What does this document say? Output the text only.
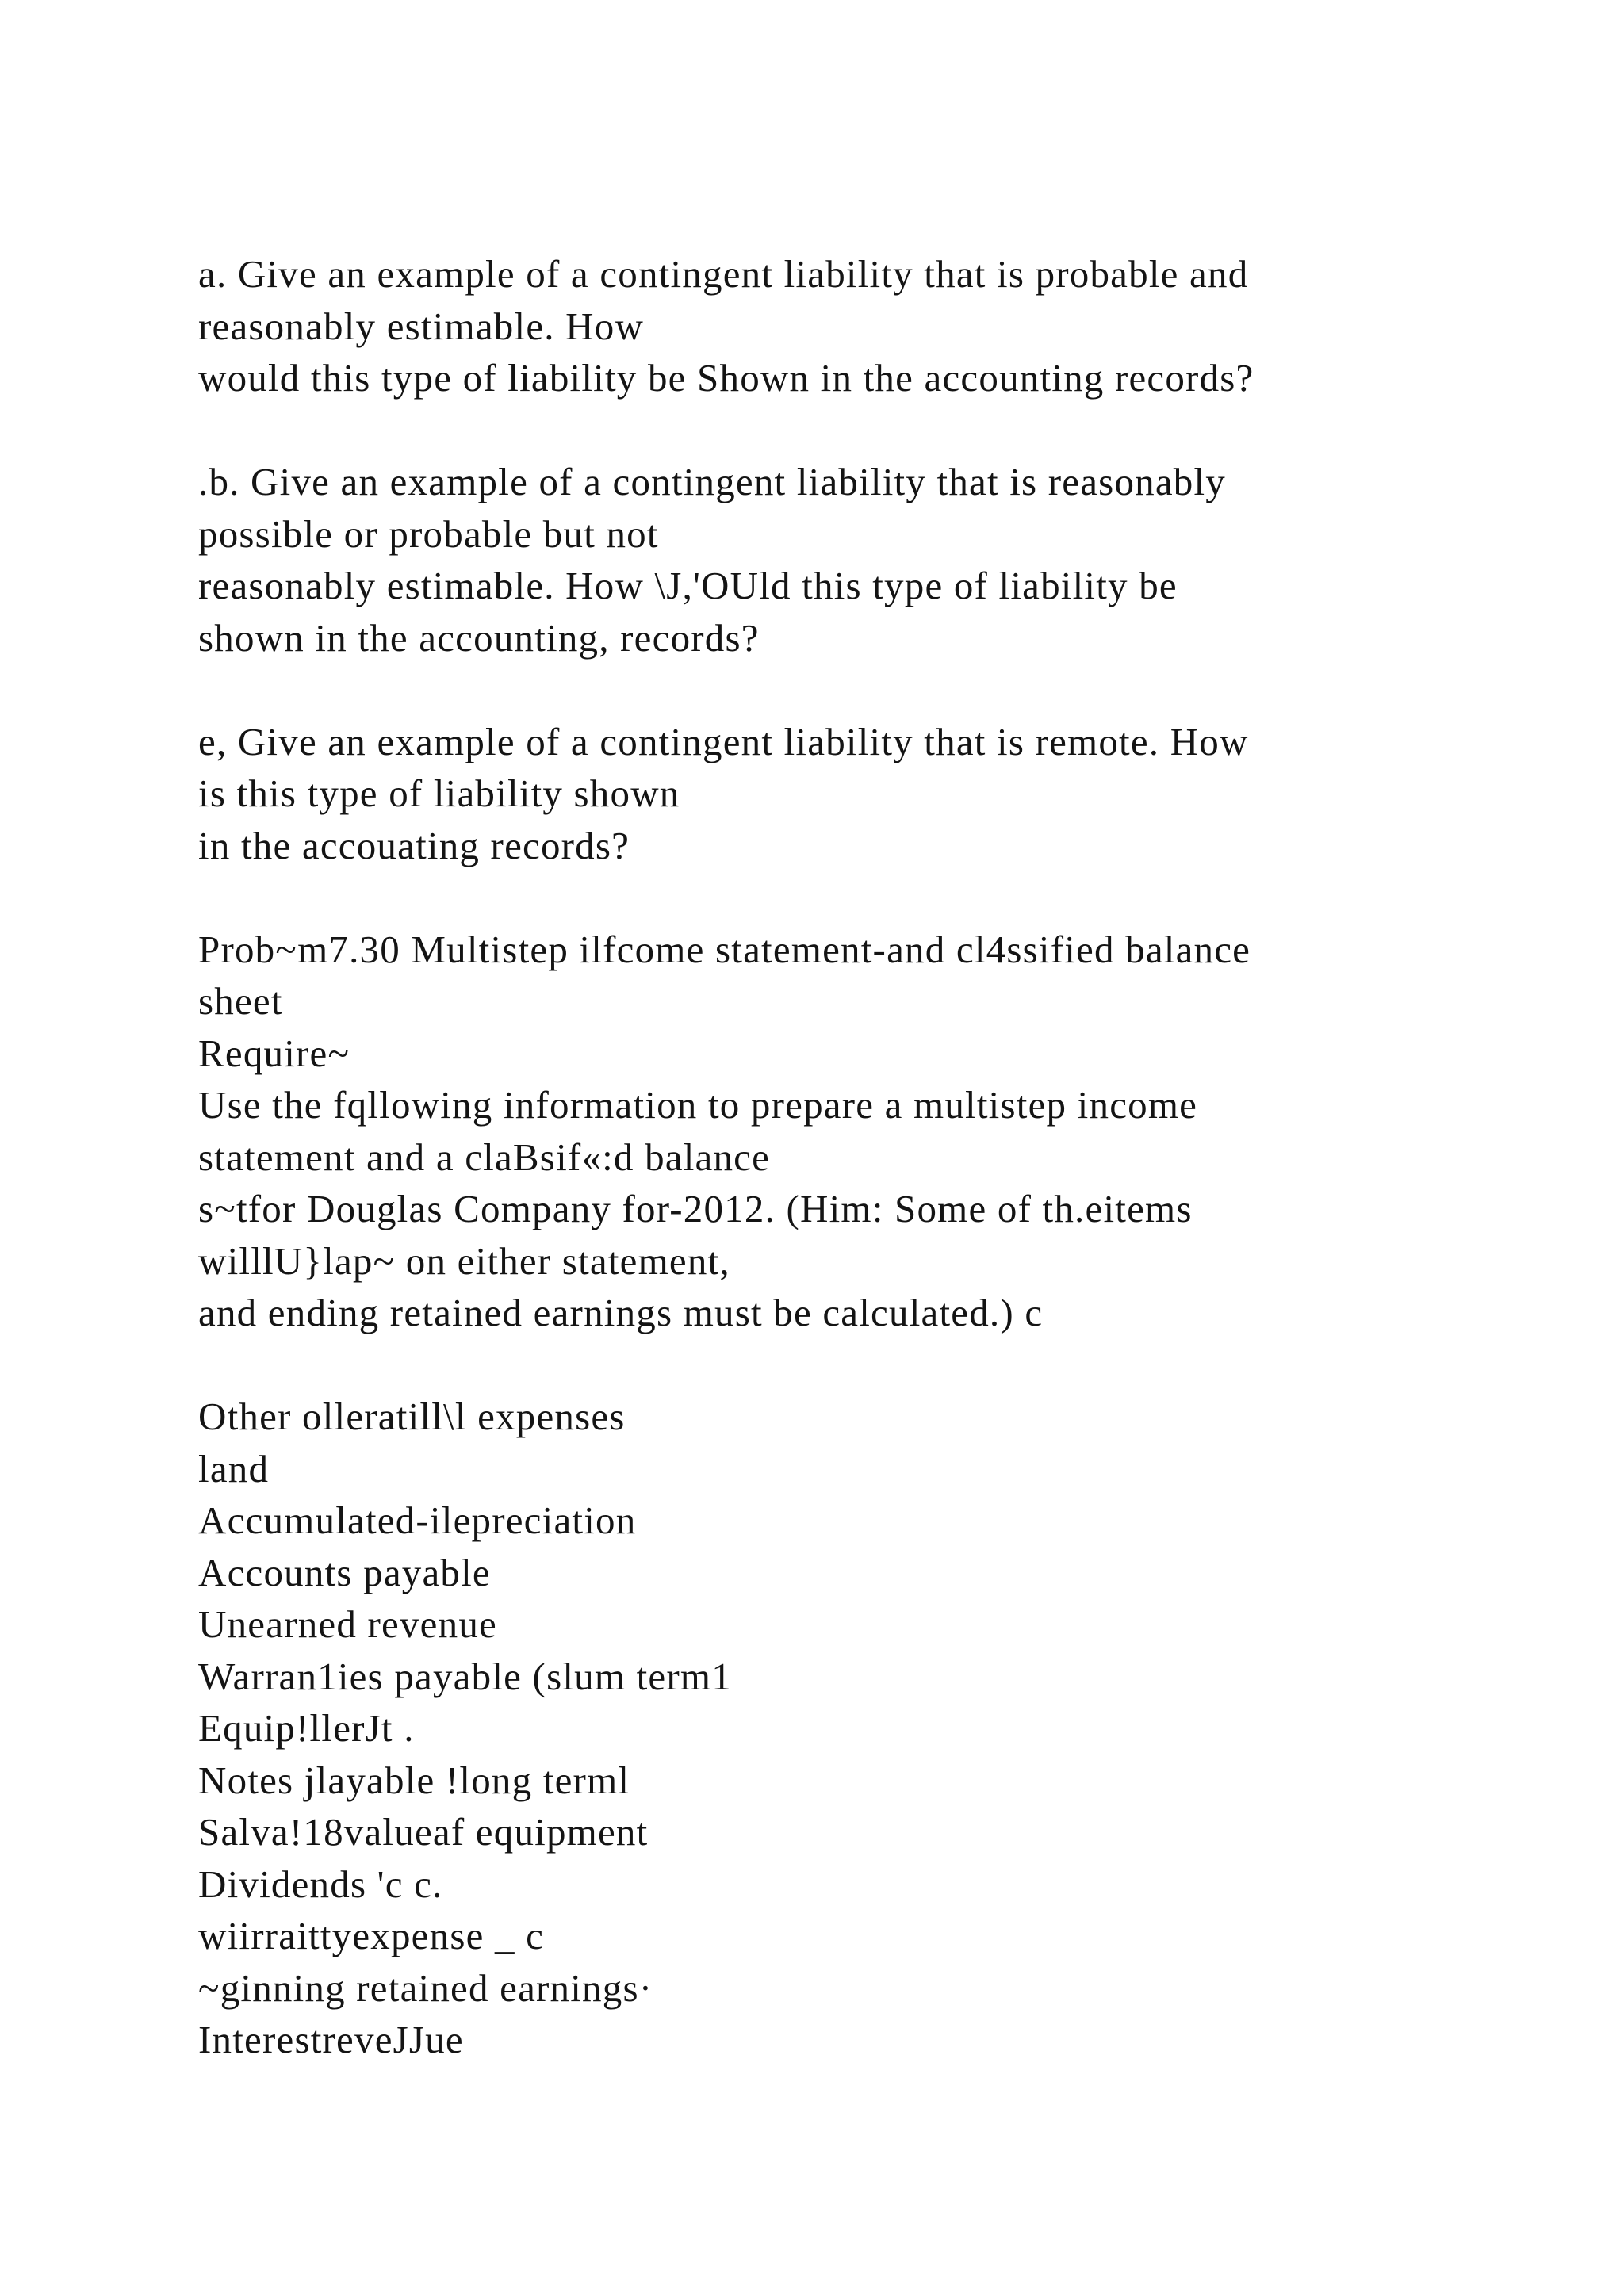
a. Give an example of a contingent liability that is probable and
reasonably estimable. How
would this type of liability be Shown in the accounting records?
.b. Give an example of a contingent liability that is reasonably
possible or probable but not
reasonably estimable. How \J,'OUld this type of liability be
shown in the accounting, records?
e, Give an example of a contingent liability that is remote. How
is this type of liability shown
in the accouating records?
Prob~m7.30 Multistep ilfcome statement-and cl4ssified balance
sheet
Require~
Use the fqllowing information to prepare a multistep income
statement and a claBsif«:d balance
s~tfor Douglas Company for-2012. (Him: Some of th.eitems
willlU}lap~ on either statement,
and ending retained earnings must be calculated.) c
Other olleratill\l expenses
land
Accumulated-ilepreciation
Accounts payable
Unearned revenue
Warran1ies payable (slum term1
Equip!llerJt .
Notes jlayable !long terml
Salva!18valueaf equipment
Dividends 'c c.
wiirraittyexpense _ c
~ginning retained earnings·
InterestreveJJue
